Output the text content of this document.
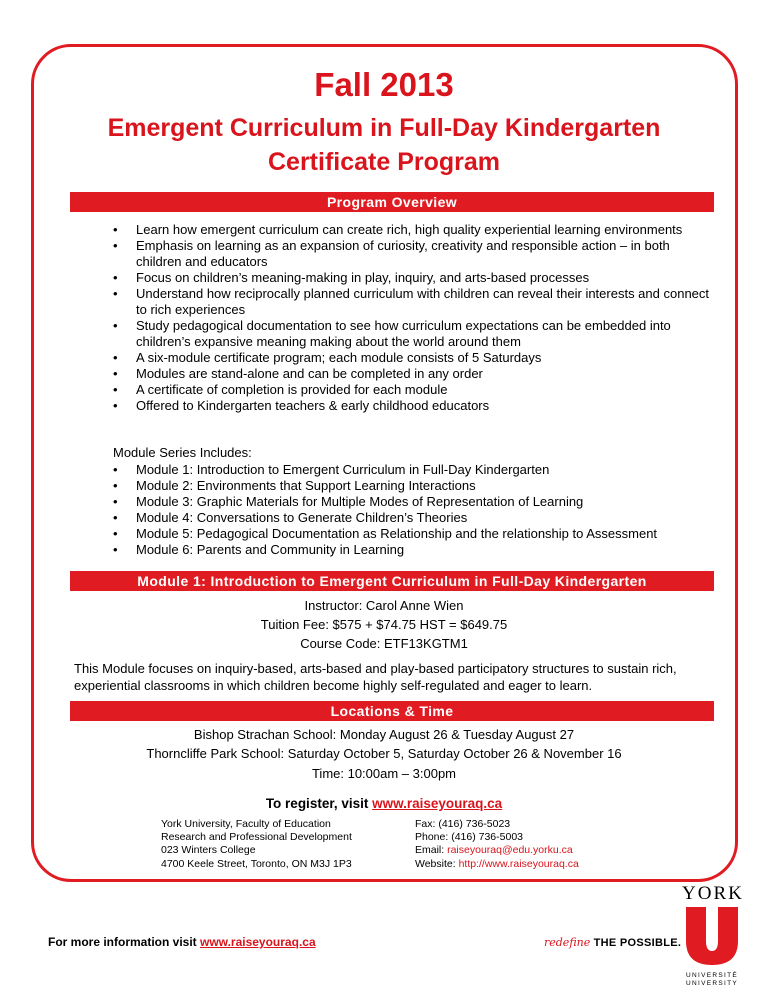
Fall 2013
Emergent Curriculum in Full-Day Kindergarten
Certificate Program
Program Overview
• Learn how emergent curriculum can create rich, high quality experiential learning environments
• Emphasis on learning as an expansion of curiosity, creativity and responsible action – in both children and educators
• Focus on children’s meaning-making in play, inquiry, and arts-based processes
• Understand how reciprocally planned curriculum with children can reveal their interests and connect to rich experiences
• Study pedagogical documentation to see how curriculum expectations can be embedded into children’s expansive meaning making about the world around them
• A six-module certificate program; each module consists of 5 Saturdays
• Modules are stand-alone and can be completed in any order
• A certificate of completion is provided for each module
• Offered to Kindergarten teachers & early childhood educators
Module Series Includes:
• Module 1: Introduction to Emergent Curriculum in Full-Day Kindergarten
• Module 2: Environments that Support Learning Interactions
• Module 3: Graphic Materials for Multiple Modes of Representation of Learning
• Module 4: Conversations to Generate Children’s Theories
• Module 5: Pedagogical Documentation as Relationship and the relationship to Assessment
• Module 6: Parents and Community in Learning
Module 1: Introduction to Emergent Curriculum in Full-Day Kindergarten
Instructor: Carol Anne Wien
Tuition Fee: $575 + $74.75 HST = $649.75
Course Code: ETF13KGTM1
This Module focuses on inquiry-based, arts-based and play-based participatory structures to sustain rich, experiential classrooms in which children become highly self-regulated and eager to learn.
Locations & Time
Bishop Strachan School: Monday August 26 & Tuesday August 27
Thorncliffe Park School: Saturday October 5, Saturday October 26 & November 16
Time: 10:00am – 3:00pm
To register, visit www.raiseyouraq.ca
York University, Faculty of Education
Research and Professional Development
023 Winters College
4700 Keele Street, Toronto, ON M3J 1P3
Fax: (416) 736-5023
Phone: (416) 736-5003
Email: raiseyouraq@edu.yorku.ca
Website: http://www.raiseyouraq.ca
For more information visit www.raiseyouraq.ca	redefine THE POSSIBLE.
YORK
UNIVERSITÉ
UNIVERSITY
